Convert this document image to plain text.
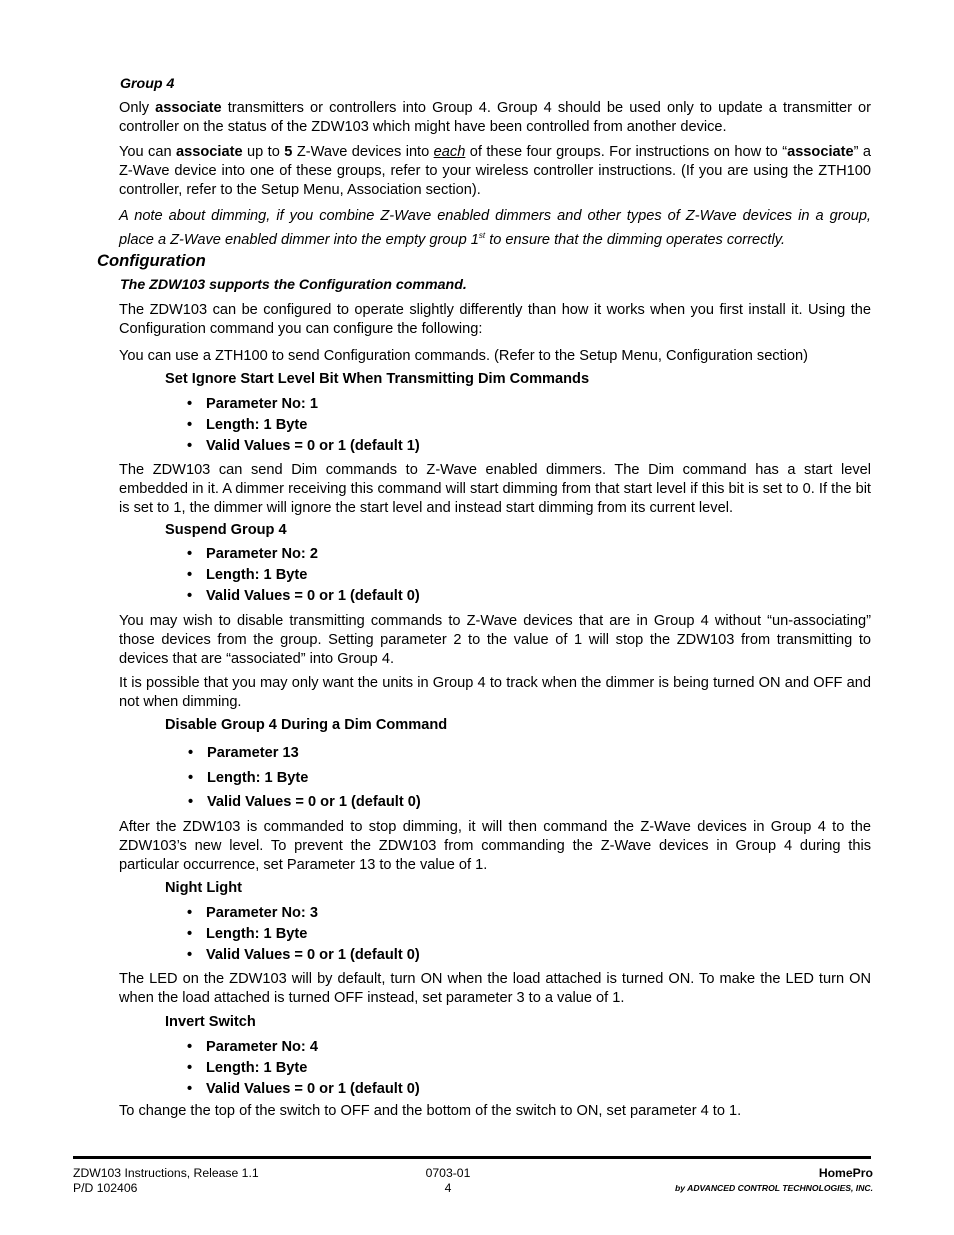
Group 4
Only associate transmitters or controllers into Group 4. Group 4 should be used only to update a transmitter or controller on the status of the ZDW103 which might have been controlled from another device.
You can associate up to 5 Z-Wave devices into each of these four groups. For instructions on how to “associate” a Z-Wave device into one of these groups, refer to your wireless controller instructions. (If you are using the ZTH100 controller, refer to the Setup Menu, Association section).
A note about dimming, if you combine Z-Wave enabled dimmers and other types of Z-Wave devices in a group, place a Z-Wave enabled dimmer into the empty group 1st to ensure that the dimming operates correctly.
Configuration
The ZDW103 supports the Configuration command.
The ZDW103 can be configured to operate slightly differently than how it works when you first install it. Using the Configuration command you can configure the following:
You can use a ZTH100 to send Configuration commands. (Refer to the Setup Menu, Configuration section)
Set Ignore Start Level Bit When Transmitting Dim Commands
• Parameter No: 1
• Length: 1 Byte
• Valid Values = 0 or 1 (default 1)
The ZDW103 can send Dim commands to Z-Wave enabled dimmers. The Dim command has a start level embedded in it. A dimmer receiving this command will start dimming from that start level if this bit is set to 0. If the bit is set to 1, the dimmer will ignore the start level and instead start dimming from its current level.
Suspend Group 4
• Parameter No: 2
• Length: 1 Byte
• Valid Values = 0 or 1 (default 0)
You may wish to disable transmitting commands to Z-Wave devices that are in Group 4 without “un-associating” those devices from the group. Setting parameter 2 to the value of 1 will stop the ZDW103 from transmitting to devices that are “associated” into Group 4.
It is possible that you may only want the units in Group 4 to track when the dimmer is being turned ON and OFF and not when dimming.
Disable Group 4 During a Dim Command
• Parameter 13
• Length: 1 Byte
• Valid Values = 0 or 1 (default 0)
After the ZDW103 is commanded to stop dimming, it will then command the Z-Wave devices in Group 4 to the ZDW103’s new level. To prevent the ZDW103 from commanding the Z-Wave devices in Group 4 during this particular occurrence, set Parameter 13 to the value of 1.
Night Light
• Parameter No: 3
• Length: 1 Byte
• Valid Values = 0 or 1 (default 0)
The LED on the ZDW103 will by default, turn ON when the load attached is turned ON. To make the LED turn ON when the load attached is turned OFF instead, set parameter 3 to a value of 1.
Invert Switch
• Parameter No: 4
• Length: 1 Byte
• Valid Values = 0 or 1 (default 0)
To change the top of the switch to OFF and the bottom of the switch to ON, set parameter 4 to 1.
ZDW103 Instructions, Release 1.1
P/D 102406
0703-01
4
HomePro
by ADVANCED CONTROL TECHNOLOGIES, INC.
